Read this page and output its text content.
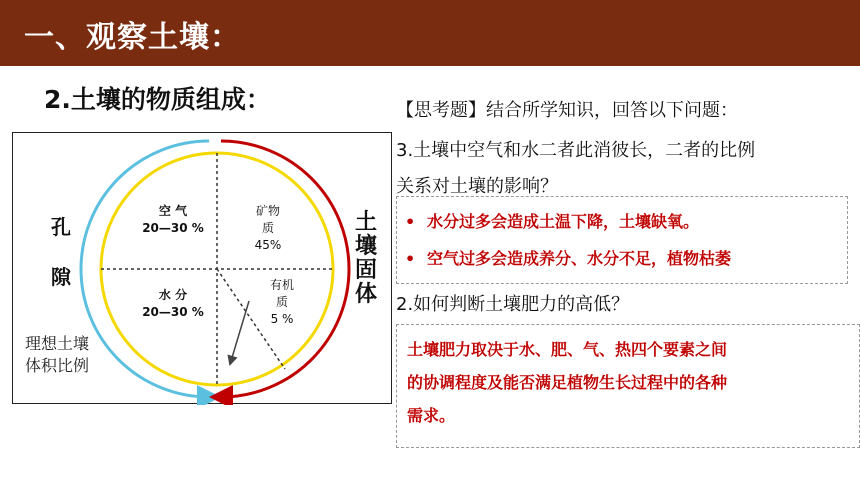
一、观察土壤：
2.土壤的物质组成：
孔
隙
土
壤
固
体
理想土壤
体积比例
空 气
20—30 %
水 分
20—30 %
矿物
质
45%
有机
质
5 %
【思考题】结合所学知识，回答以下问题：
3.土壤中空气和水二者此消彼长，二者的比例
关系对土壤的影响？
• 水分过多会造成土温下降，土壤缺氧。
• 空气过多会造成养分、水分不足，植物枯萎
2.如何判断土壤肥力的高低？
土壤肥力取决于水、肥、气、热四个要素之间
的协调程度及能否满足植物生长过程中的各种
需求。
